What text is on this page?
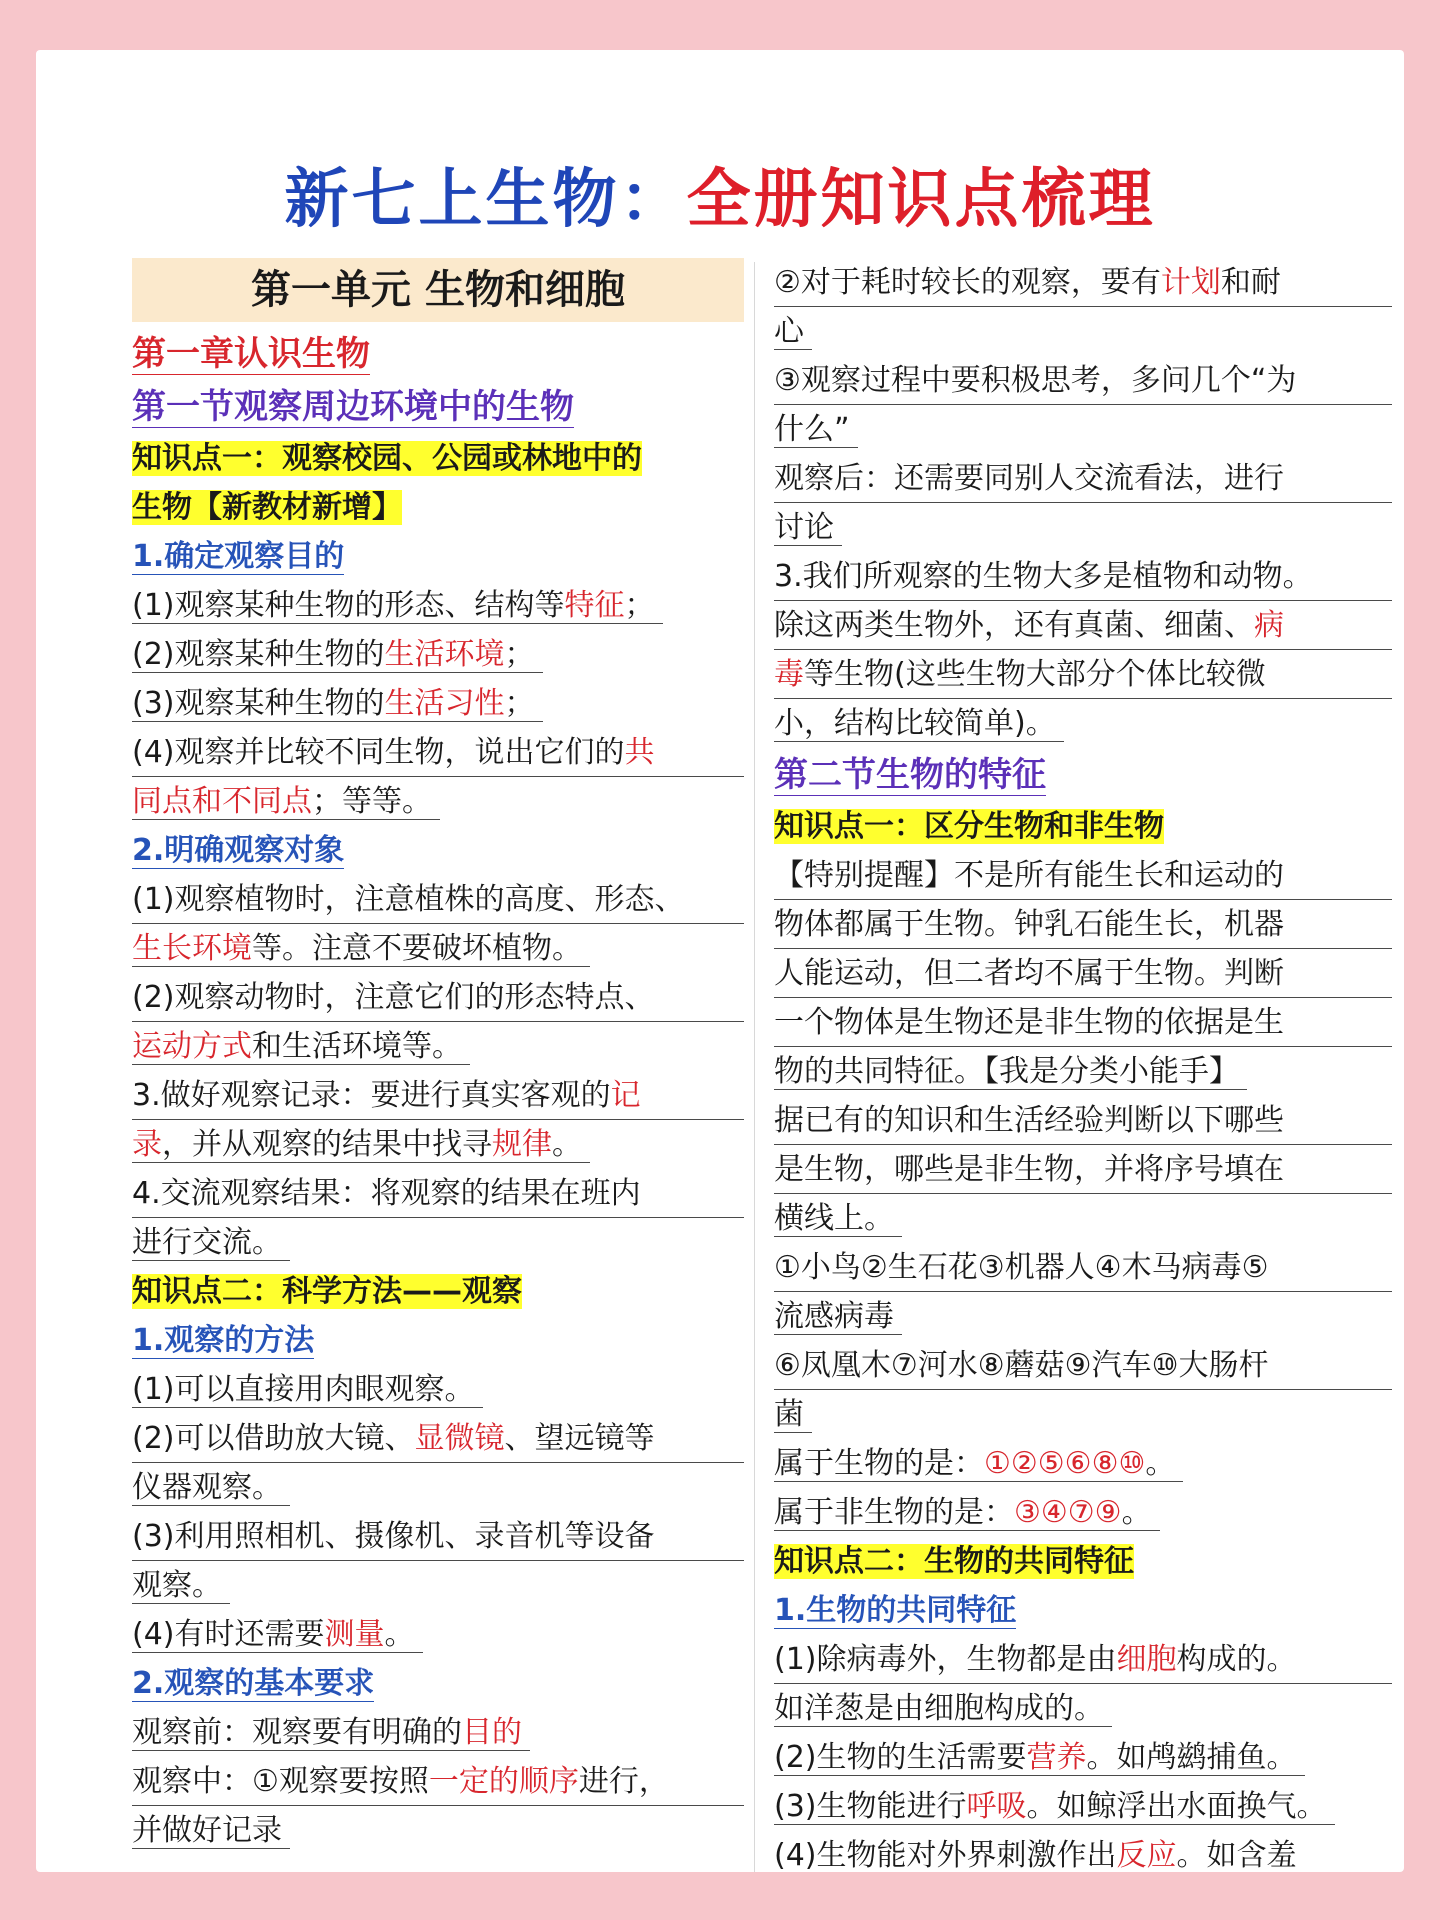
新七上生物：全册知识点梳理
第一单元 生物和细胞
第一章认识生物
第一节观察周边环境中的生物
知识点一：观察校园、公园或林地中的
生物【新教材新增】
1.确定观察目的
(1)观察某种生物的形态、结构等特征；
(2)观察某种生物的生活环境；
(3)观察某种生物的生活习性；
(4)观察并比较不同生物，说出它们的共
同点和不同点；等等。
2.明确观察对象
(1)观察植物时，注意植株的高度、形态、
生长环境等。注意不要破坏植物。
(2)观察动物时，注意它们的形态特点、
运动方式和生活环境等。
3.做好观察记录：要进行真实客观的记
录，并从观察的结果中找寻规律。
4.交流观察结果：将观察的结果在班内
进行交流。
知识点二：科学方法——观察
1.观察的方法
(1)可以直接用肉眼观察。
(2)可以借助放大镜、显微镜、望远镜等
仪器观察。
(3)利用照相机、摄像机、录音机等设备
观察。
(4)有时还需要测量。
2.观察的基本要求
观察前：观察要有明确的目的
观察中：①观察要按照一定的顺序进行，
并做好记录
②对于耗时较长的观察，要有计划和耐
心
③观察过程中要积极思考，多问几个“为
什么”
观察后：还需要同别人交流看法，进行
讨论
3.我们所观察的生物大多是植物和动物。
除这两类生物外，还有真菌、细菌、病
毒等生物(这些生物大部分个体比较微
小，结构比较简单)。
第二节生物的特征
知识点一：区分生物和非生物
【特别提醒】不是所有能生长和运动的
物体都属于生物。钟乳石能生长，机器
人能运动，但二者均不属于生物。判断
一个物体是生物还是非生物的依据是生
物的共同特征。【我是分类小能手】
据已有的知识和生活经验判断以下哪些
是生物，哪些是非生物，并将序号填在
横线上。
①小鸟②生石花③机器人④木马病毒⑤
流感病毒
⑥凤凰木⑦河水⑧蘑菇⑨汽车⑩大肠杆
菌
属于生物的是：①②⑤⑥⑧⑩。
属于非生物的是：③④⑦⑨。
知识点二：生物的共同特征
1.生物的共同特征
(1)除病毒外，生物都是由细胞构成的。
如洋葱是由细胞构成的。
(2)生物的生活需要营养。如鸬鹚捕鱼。
(3)生物能进行呼吸。如鲸浮出水面换气。
(4)生物能对外界刺激作出反应。如含羞
